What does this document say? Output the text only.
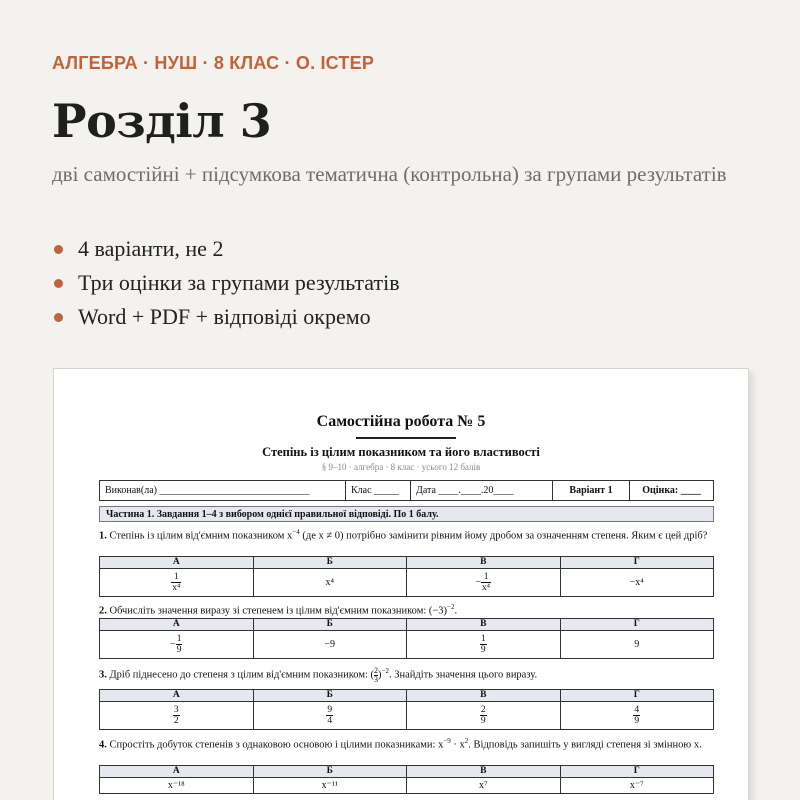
АЛГЕБРА · НУШ · 8 КЛАС · О. ІСТЕР
Розділ 3

дві самостійні + підсумкова тематична (контрольна) за групами результатів

4 варіанти, не 2
Три оцінки за групами результатів
Word + PDF + відповіді окремо
Самостійна робота № 5
Степінь із цілим показником та його властивості
§ 9–10 · алгебра · 8 клас · усього 12 балів
Виконав(ла) ______________________________	Клас _____	Дата ____.____.20____	Варіант 1	Оцінка: ____
Частина 1. Завдання 1–4 з вибором однієї правильної відповіді. По 1 балу.
1. Степінь із цілим від'ємним показником $x^{-4}$ (де x ≠ 0) потрібно замінити рівним йому дробом за означенням степеня. Яким є цей дріб?
А	Б	В	Г

$\frac{1}{\text{x⁴}}$	x⁴	− $\frac{1}{\text{x⁴}}$	−x⁴
2. Обчисліть значення виразу зі степенем із цілим від'ємним показником: $(-3)^{-2}$.
А	Б	В	Г
− $\frac{1}{9}$	−9	$\frac{1}{9}$	9
3. Дріб піднесено до степеня з цілим від'ємним показником: ( $\frac{2}{3} )^{-2}$. Знайдіть значення цього виразу.
А	Б	В	Г

$\frac{3}{2}$	$\frac{9}{4}$	$\frac{2}{9}$	$\frac{4}{9}$
4. Спростіть добуток степенів з однаковою основою і цілими показниками: $x^{-9} \cdot x^2$. Відповідь запишіть у вигляді степеня зі змінною x.
А	Б	В	Г
x⁻¹⁸	x⁻¹¹	x⁷	x⁻⁷
